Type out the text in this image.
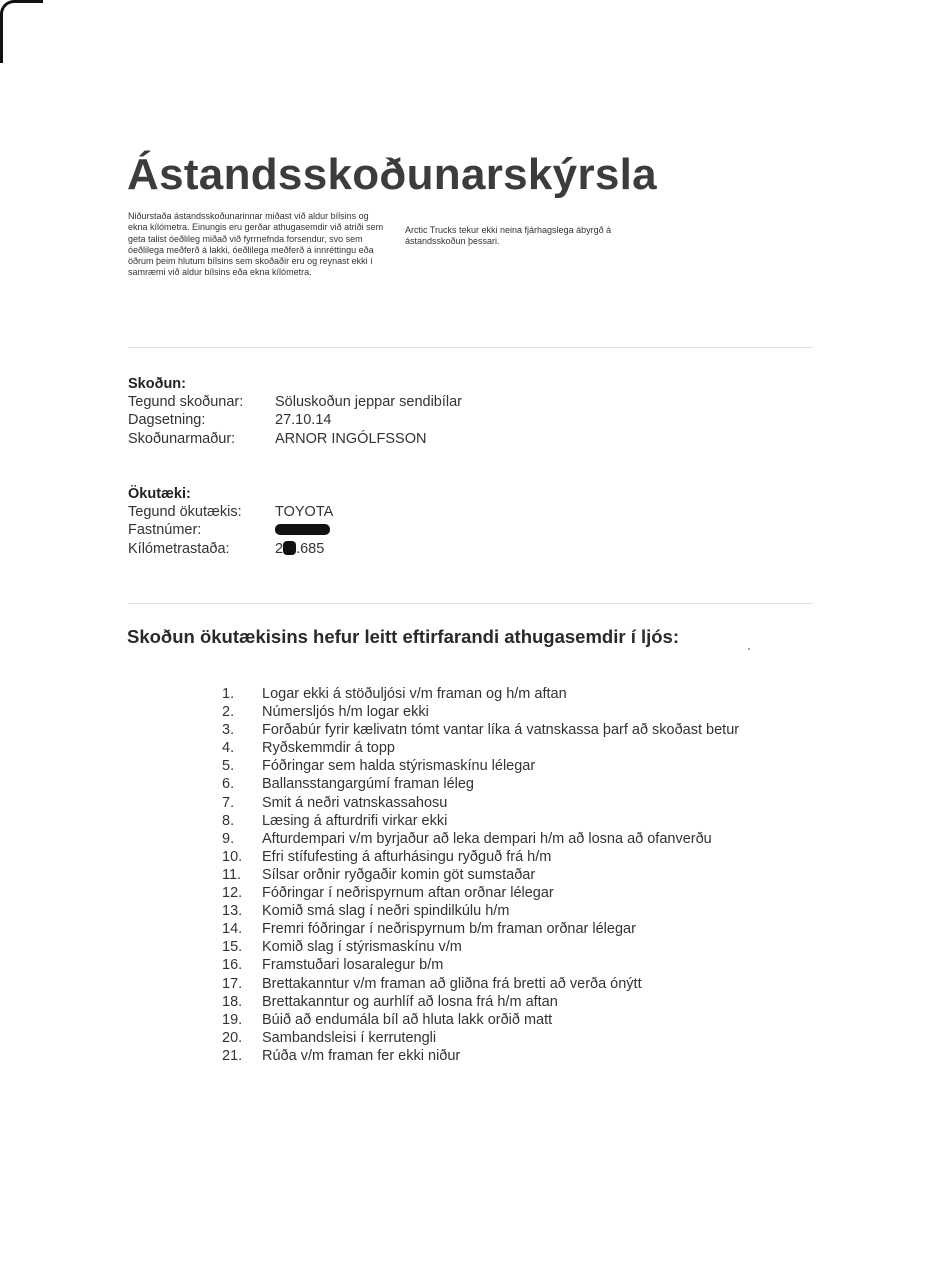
Ástandsskoðunarskýrsla
Niðurstaða ástandsskoðunarinnar miðast við aldur bílsins og ekna kílómetra. Einungis eru gerðar athugasemdir við atriði sem geta talist óeðlileg miðað við fyrrnefnda forsendur, svo sem óeðlilega meðferð á lakki, óeðlilega meðferð á innréttingu eða öðrum þeim hlutum bílsins sem skoðaðir eru og reynast ekki í samræmi við aldur bílsins eða ekna kílómetra.
Arctic Trucks tekur ekki neina fjárhagslega ábyrgð á ástandsskoðun þessari.
Skoðun:
Tegund skoðunar:	Söluskoðun jeppar sendibílar
Dagsetning:	27.10.14
Skoðunarmaður:	ARNOR INGÓLFSSON
Ökutæki:
Tegund ökutækis:	TOYOTA
Fastnúmer:
Kílómetrastaða:	2 .685
Skoðun ökutækisins hefur leitt eftirfarandi athugasemdir í ljós:
1.	Logar ekki á stöðuljósi v/m framan og h/m aftan
2.	Númersljós h/m logar ekki
3.	Forðabúr fyrir kælivatn tómt vantar líka á vatnskassa þarf að skoðast betur
4.	Ryðskemmdir á topp
5.	Fóðringar sem halda stýrismaskínu lélegar
6.	Ballansstangargúmí framan léleg
7.	Smit á neðri vatnskassahosu
8.	Læsing á afturdrifi virkar ekki
9.	Afturdempari v/m byrjaður að leka dempari h/m að losna að ofanverðu
10.	Efri stífufesting á afturhásingu ryðguð frá h/m
11.	Sílsar orðnir ryðgaðir komin göt sumstaðar
12.	Fóðringar í neðrispyrnum aftan orðnar lélegar
13.	Komið smá slag í neðri spindilkúlu h/m
14.	Fremri fóðringar í neðrispyrnum b/m framan orðnar lélegar
15.	Komið slag í stýrismaskínu v/m
16.	Framstuðari losaralegur b/m
17.	Brettakanntur v/m framan að gliðna frá bretti að verða ónýtt
18.	Brettakanntur og aurhlíf að losna frá h/m aftan
19.	Búið að endumála bíl að hluta lakk orðið matt
20.	Sambandsleisi í kerrutengli
21.	Rúða v/m framan fer ekki niður
